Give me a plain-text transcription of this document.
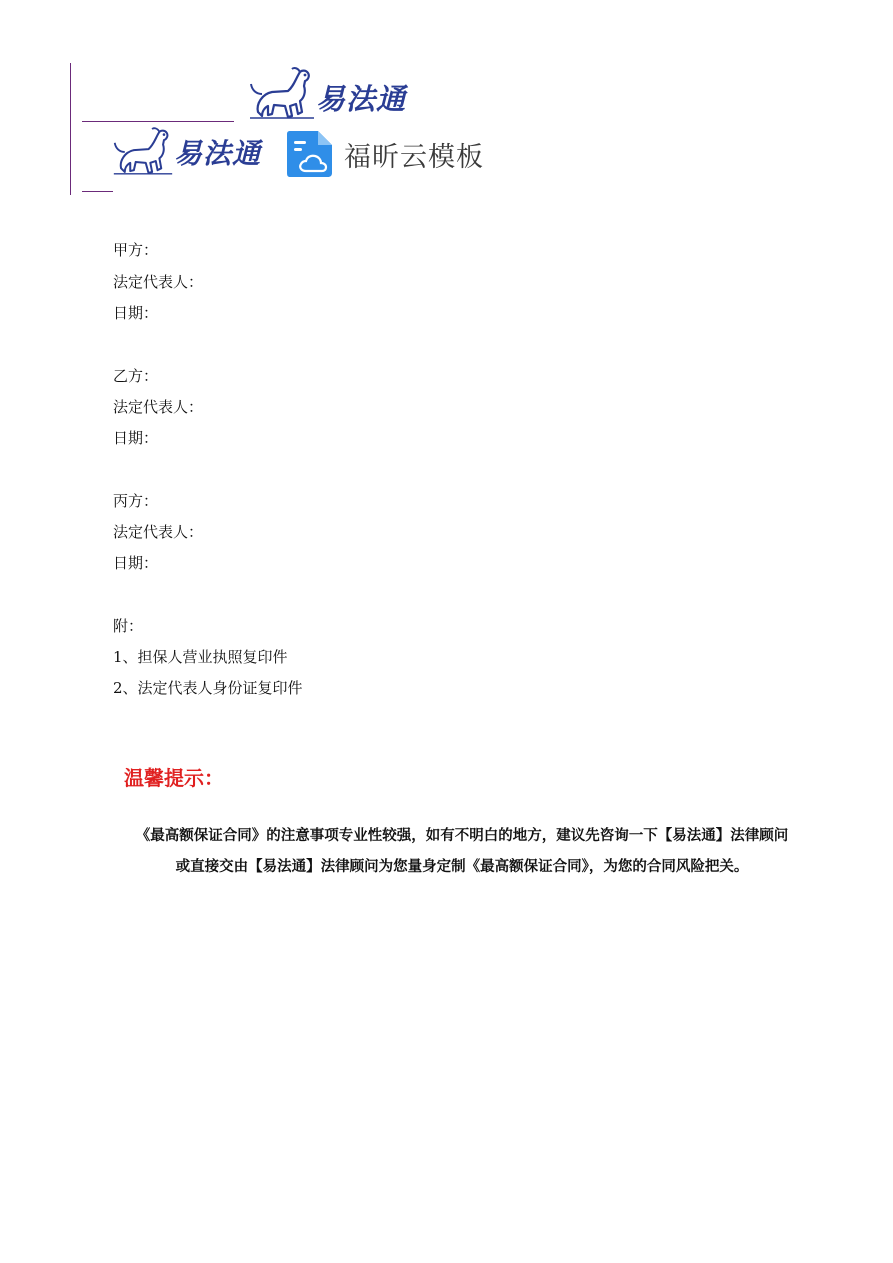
易法通
易法通	福昕云模板
甲方：
法定代表人：
日期：
乙方：
法定代表人：
日期：
丙方：
法定代表人：
日期：
附：
1、担保人营业执照复印件
2、法定代表人身份证复印件
温馨提示：

《最高额保证合同》的注意事项专业性较强，如有不明白的地方，建议先咨询一下【易法通】法律顾问

或直接交由【易法通】法律顾问为您量身定制《最高额保证合同》，为您的合同风险把关。
